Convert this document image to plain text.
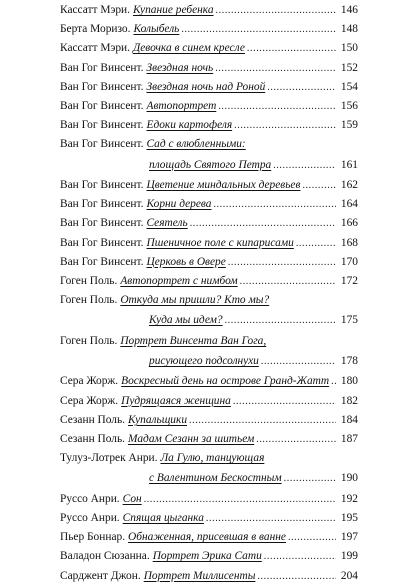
Кассатт Мэри. Купание ребенка .....	146
Берта Моризо. Колыбель .....	148
Кассатт Мэри. Девочка в синем кресле .....	150
Ван Гог Винсент. Звездная ночь .....	152
Ван Гог Винсент. Звездная ночь над Роной .....	154
Ван Гог Винсент. Автопортрет .....	156
Ван Гог Винсент. Едоки картофеля .....	159
Ван Гог Винсент. Сад с влюбленными:
площадь Святого Петра .....	161
Ван Гог Винсент. Цветение миндальных деревьев .....	162
Ван Гог Винсент. Корни дерева .....	164
Ван Гог Винсент. Сеятель .....	166
Ван Гог Винсент. Пшеничное поле с кипарисами .....	168
Ван Гог Винсент. Церковь в Овере .....	170
Гоген Поль. Автопортрет с нимбом .....	172
Гоген Поль. Откуда мы пришли? Кто мы?
Куда мы идем? .....	175
Гоген Поль. Портрет Винсента Ван Гога,
рисующего подсолнухи .....	178
Сера Жорж. Воскресный день на острове Гранд-Жатт ..... 180
Сера Жорж. Пудрящаяся женщина .....	182
Сезанн Поль. Купальщики .....	184
Сезанн Поль. Мадам Сезанн за шитьем .....	187
Тулуз-Лотрек Анри. Ла Гулю, танцующая
с Валентином Бескостным .....	190
Руссо Анри. Сон .....	192
Руссо Анри. Спящая цыганка .....	195
Пьер Боннар. Обнаженная, присевшая в ванне .....	197
Валадон Сюзанна. Портрет Эрика Сати .....	199
Сарджент Джон. Портрет Миллисенты .....	204
